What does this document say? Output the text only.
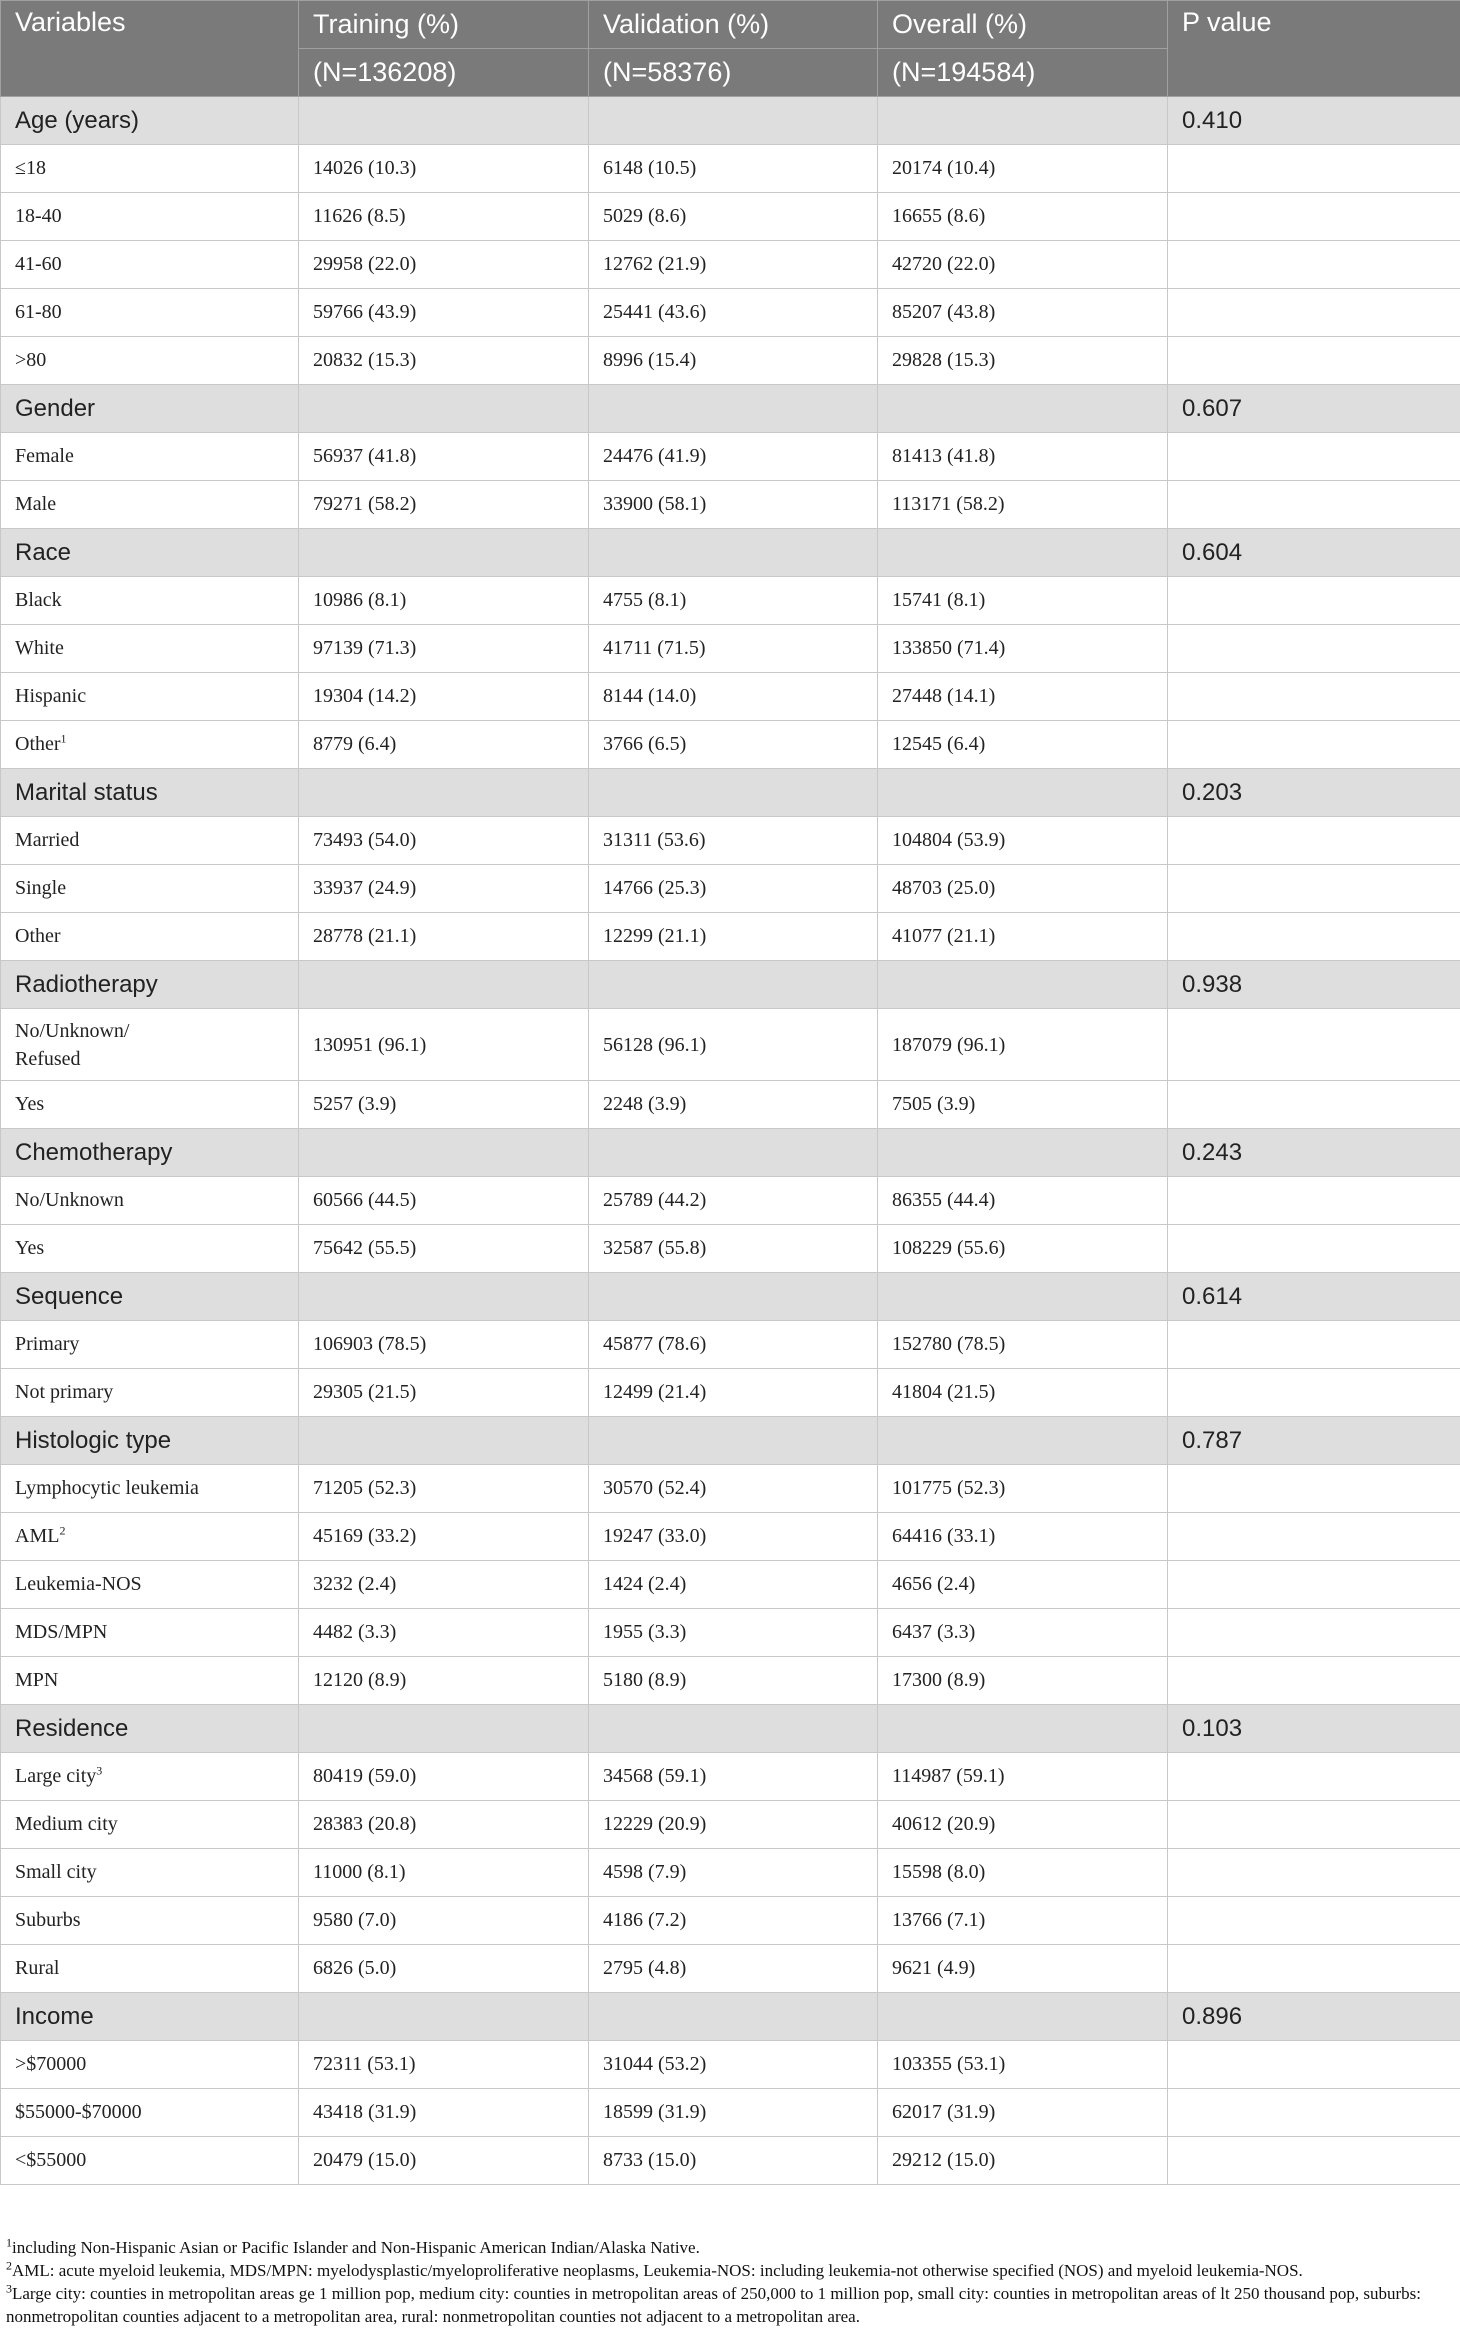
Variables	Training (%)	Validation (%)	Overall (%)	P value
	(N=136208)	(N=58376)	(N=194584)	
Age (years)				0.410
≤18	14026 (10.3)	6148 (10.5)	20174 (10.4)	
18-40	11626 (8.5)	5029 (8.6)	16655 (8.6)	
41-60	29958 (22.0)	12762 (21.9)	42720 (22.0)	
61-80	59766 (43.9)	25441 (43.6)	85207 (43.8)	
>80	20832 (15.3)	8996 (15.4)	29828 (15.3)	
Gender				0.607
Female	56937 (41.8)	24476 (41.9)	81413 (41.8)	
Male	79271 (58.2)	33900 (58.1)	113171 (58.2)	
Race				0.604
Black	10986 (8.1)	4755 (8.1)	15741 (8.1)	
White	97139 (71.3)	41711 (71.5)	133850 (71.4)	
Hispanic	19304 (14.2)	8144 (14.0)	27448 (14.1)	
Other$^1$	8779 (6.4)	3766 (6.5)	12545 (6.4)	
Marital status				0.203
Married	73493 (54.0)	31311 (53.6)	104804 (53.9)	
Single	33937 (24.9)	14766 (25.3)	48703 (25.0)	
Other	28778 (21.1)	12299 (21.1)	41077 (21.1)	
Radiotherapy				0.938
No/Unknown/
Refused	130951 (96.1)	56128 (96.1)	187079 (96.1)	
Yes	5257 (3.9)	2248 (3.9)	7505 (3.9)	
Chemotherapy				0.243
No/Unknown	60566 (44.5)	25789 (44.2)	86355 (44.4)	
Yes	75642 (55.5)	32587 (55.8)	108229 (55.6)	
Sequence				0.614
Primary	106903 (78.5)	45877 (78.6)	152780 (78.5)	
Not primary	29305 (21.5)	12499 (21.4)	41804 (21.5)	
Histologic type				0.787
Lymphocytic leukemia	71205 (52.3)	30570 (52.4)	101775 (52.3)	
AML$^2$	45169 (33.2)	19247 (33.0)	64416 (33.1)	
Leukemia-NOS	3232 (2.4)	1424 (2.4)	4656 (2.4)	
MDS/MPN	4482 (3.3)	1955 (3.3)	6437 (3.3)	
MPN	12120 (8.9)	5180 (8.9)	17300 (8.9)	
Residence				0.103
Large city$^3$	80419 (59.0)	34568 (59.1)	114987 (59.1)	
Medium city	28383 (20.8)	12229 (20.9)	40612 (20.9)	
Small city	11000 (8.1)	4598 (7.9)	15598 (8.0)	
Suburbs	9580 (7.0)	4186 (7.2)	13766 (7.1)	
Rural	6826 (5.0)	2795 (4.8)	9621 (4.9)	
Income				0.896
>$70000	72311 (53.1)	31044 (53.2)	103355 (53.1)	
$55000-$70000	43418 (31.9)	18599 (31.9)	62017 (31.9)	
<$55000	20479 (15.0)	8733 (15.0)	29212 (15.0)	

$^1$including Non-Hispanic Asian or Pacific Islander and Non-Hispanic American Indian/Alaska Native.

$^2$AML: acute myeloid leukemia, MDS/MPN: myelodysplastic/myeloproliferative neoplasms, Leukemia-NOS: including leukemia-not otherwise specified (NOS) and myeloid leukemia-NOS.

$^3$Large city: counties in metropolitan areas ge 1 million pop, medium city: counties in metropolitan areas of 250,000 to 1 million pop, small city: counties in metropolitan areas of lt 250 thousand pop, suburbs: nonmetropolitan counties adjacent to a metropolitan area, rural: nonmetropolitan counties not adjacent to a metropolitan area.
